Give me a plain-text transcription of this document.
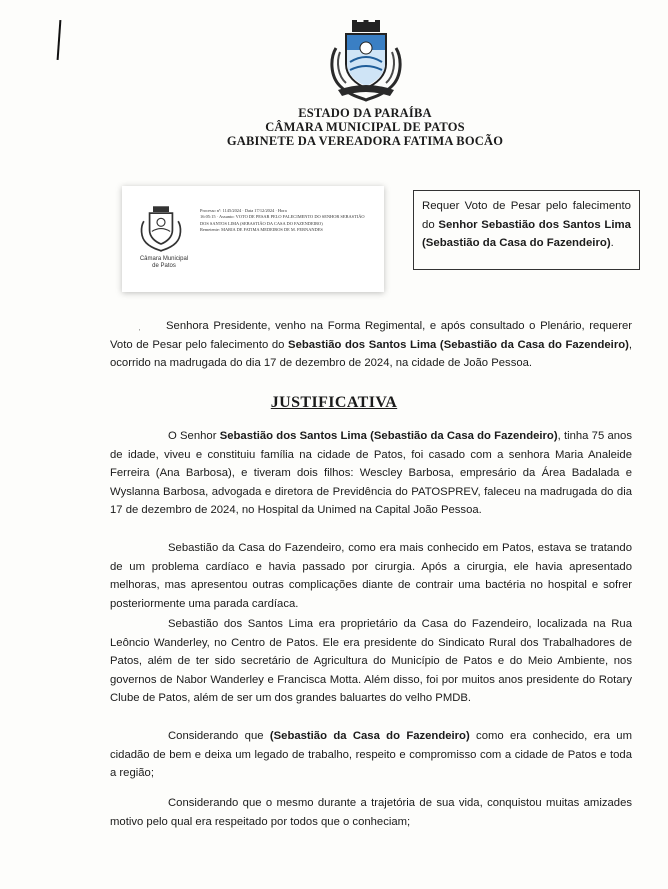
ESTADO DA PARAÍBA
CÂMARA MUNICIPAL DE PATOS
GABINETE DA VEREADORA FATIMA BOCÃO
Câmara Municipal
de Patos
Processo nº: 1145/2024 · Data 17/12/2024 · Hora
16:05:15 · Assunto: VOTO DE PESAR PELO FALECIMENTO DO SENHOR SEBASTIÃO DOS SANTOS LIMA (SEBASTIÃO DA CASA DO FAZENDEIRO)
Remetente: MARIA DE FATIMA MEDEIROS DE M. FERNANDES
Requer Voto de Pesar pelo falecimento do Senhor Sebastião dos Santos Lima (Sebastião da Casa do Fazendeiro).
ˌ	Senhora Presidente, venho na Forma Regimental, e após consultado o Plenário, requerer Voto de Pesar pelo falecimento do Sebastião dos Santos Lima (Sebastião da Casa do Fazendeiro), ocorrido na madrugada do dia 17 de dezembro de 2024, na cidade de João Pessoa.
JUSTIFICATIVA
O Senhor Sebastião dos Santos Lima (Sebastião da Casa do Fazendeiro), tinha 75 anos de idade, viveu e constituiu família na cidade de Patos, foi casado com a senhora Maria Analeide Ferreira (Ana Barbosa), e tiveram dois filhos: Wescley Barbosa, empresário da Área Badalada e Wyslanna Barbosa, advogada e diretora de Previdência do PATOSPREV, faleceu na madrugada do dia 17 de dezembro de 2024, no Hospital da Unimed na Capital João Pessoa.
Sebastião da Casa do Fazendeiro, como era mais conhecido em Patos, estava se tratando de um problema cardíaco e havia passado por cirurgia. Após a cirurgia, ele havia apresentado melhoras, mas apresentou outras complicações diante de contrair uma bactéria no hospital e sofrer posteriormente uma parada cardíaca.
Sebastião dos Santos Lima era proprietário da Casa do Fazendeiro, localizada na Rua Leôncio Wanderley, no Centro de Patos. Ele era presidente do Sindicato Rural dos Trabalhadores de Patos, além de ter sido secretário de Agricultura do Município de Patos e do Meio Ambiente, nos governos de Nabor Wanderley e Francisca Motta. Além disso, foi por muitos anos presidente do Rotary Clube de Patos, além de ser um dos grandes baluartes do velho PMDB.
Considerando que (Sebastião da Casa do Fazendeiro) como era conhecido, era um cidadão de bem e deixa um legado de trabalho, respeito e compromisso com a cidade de Patos e toda a região;
Considerando que o mesmo durante a trajetória de sua vida, conquistou muitas amizades motivo pelo qual era respeitado por todos que o conheciam;
